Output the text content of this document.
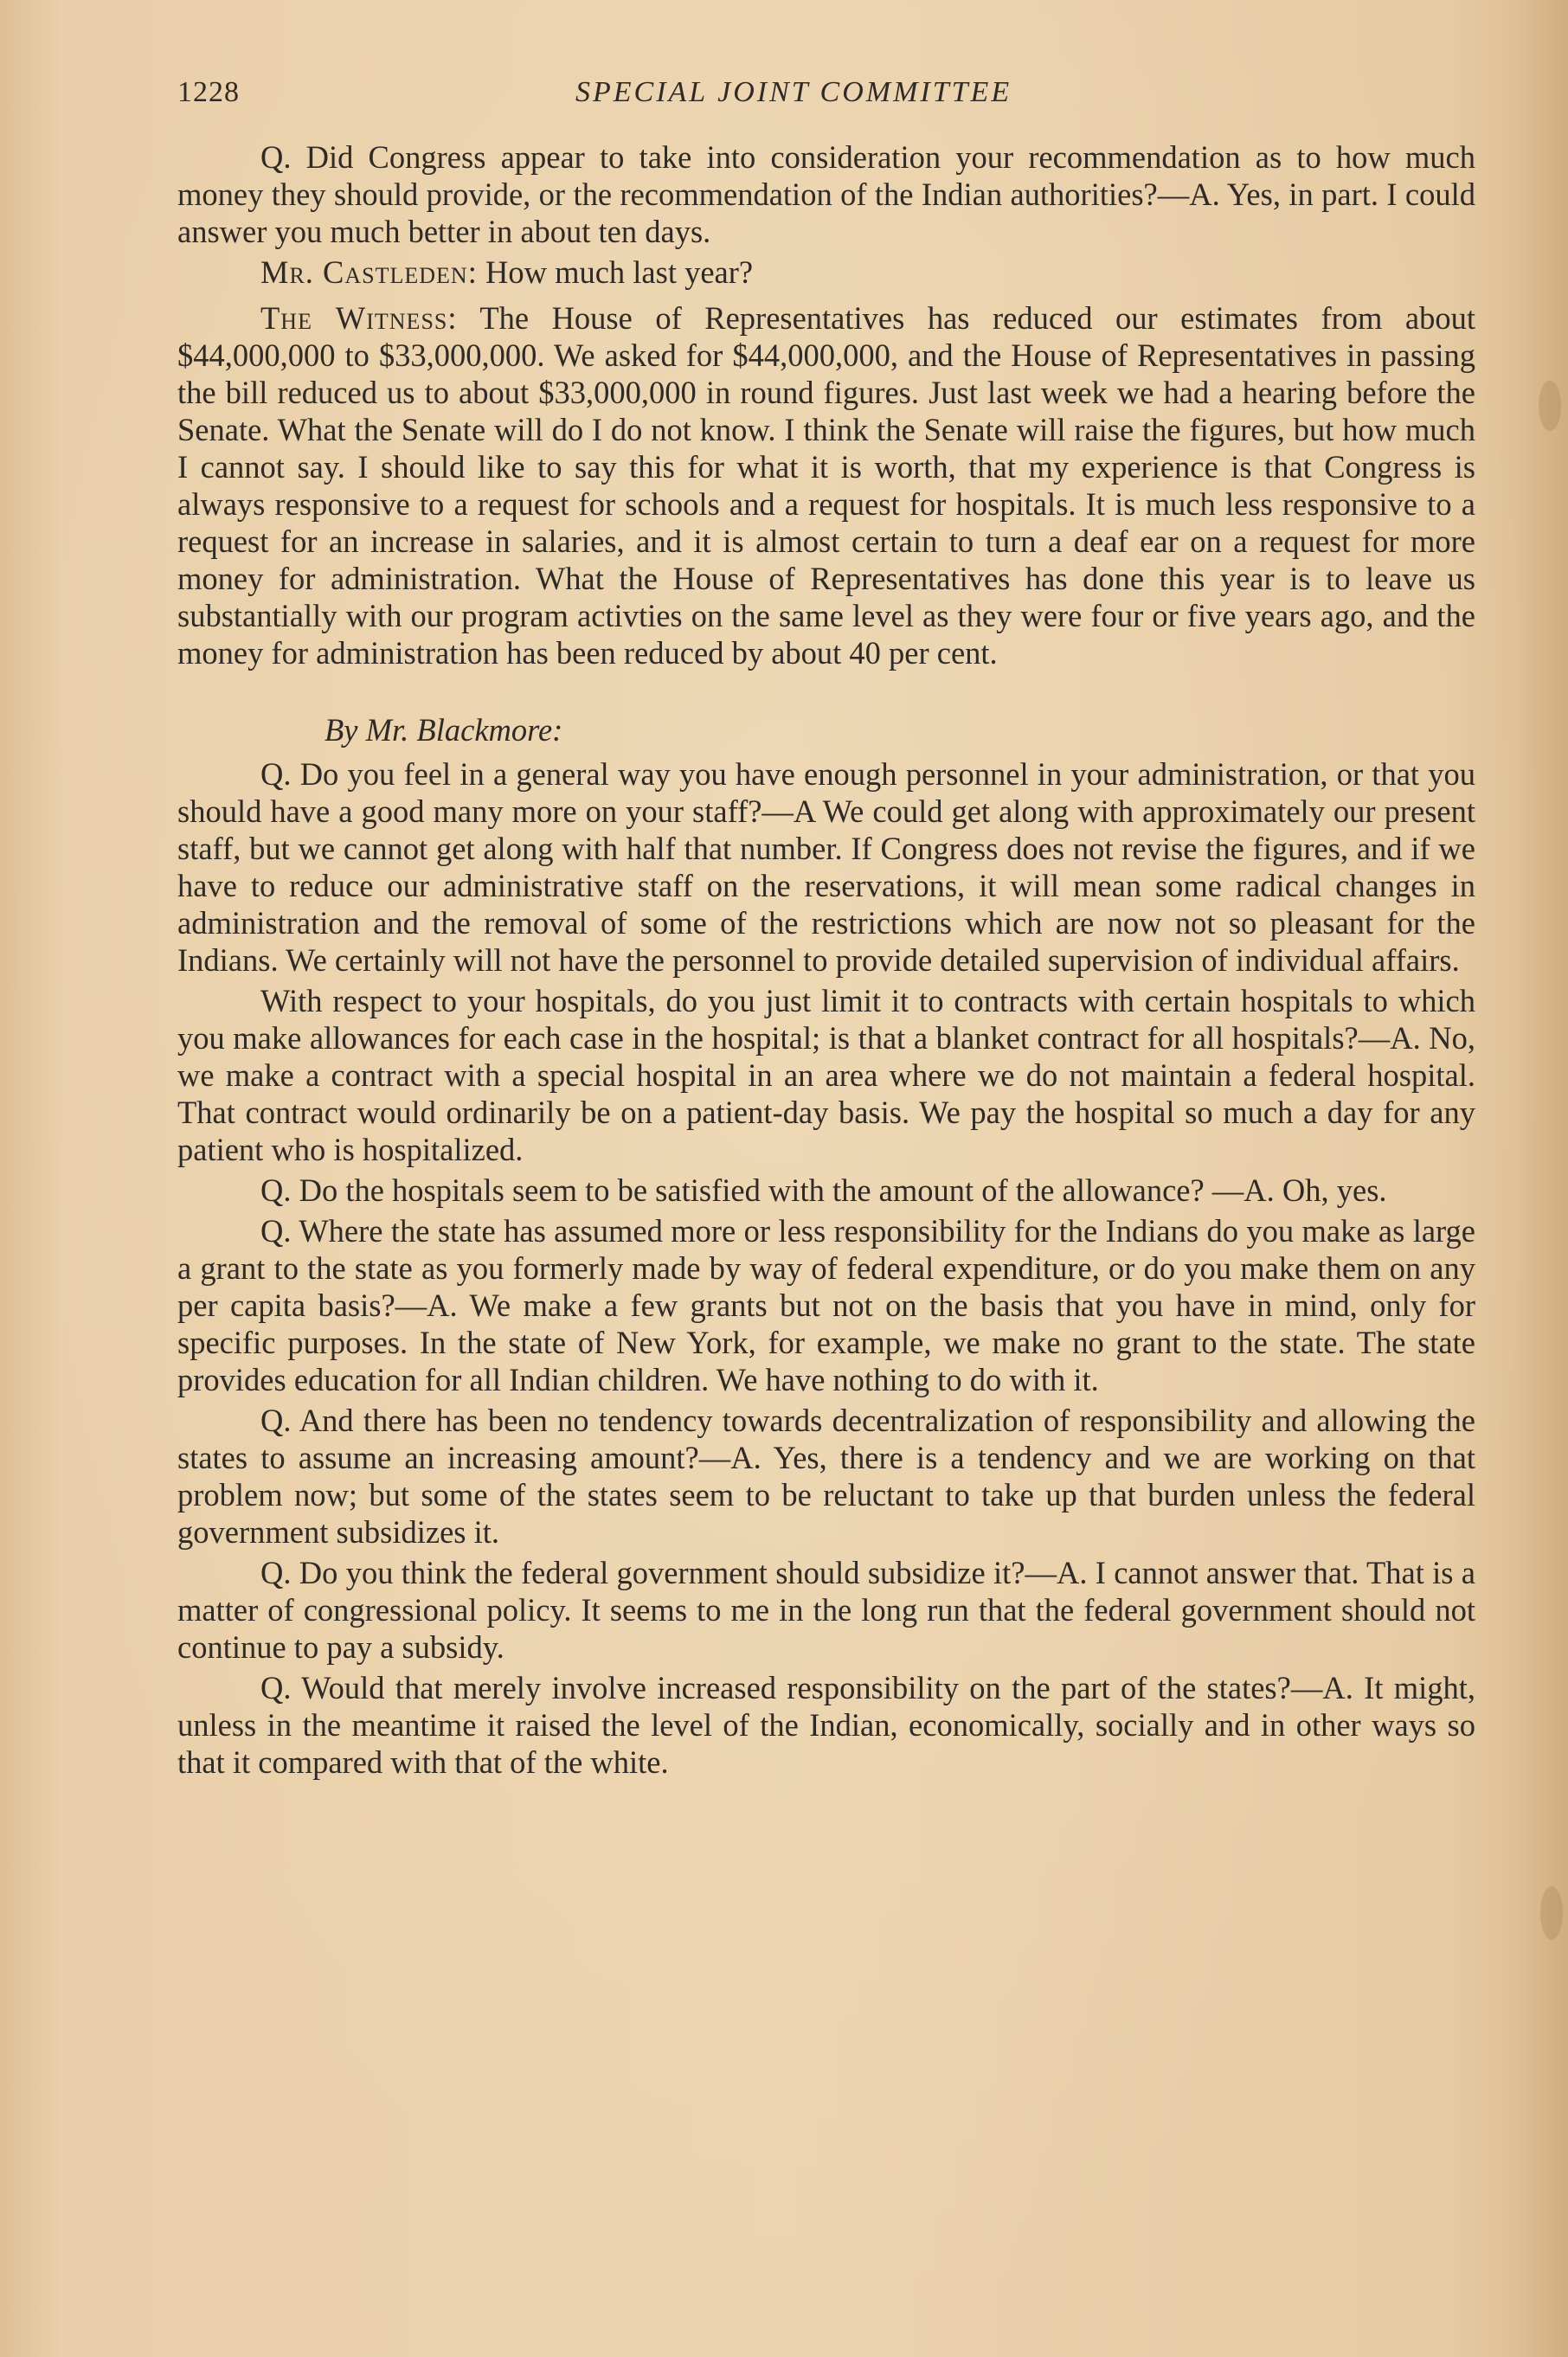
1228	SPECIAL JOINT COMMITTEE

Q. Did Congress appear to take into consideration your recommendation as to how much money they should provide, or the recommendation of the Indian authorities?—A. Yes, in part. I could answer you much better in about ten days.

Mr. Castleden: How much last year?

The Witness: The House of Representatives has reduced our estimates from about $44,000,000 to $33,000,000. We asked for $44,000,000, and the House of Representatives in passing the bill reduced us to about $33,000,000 in round figures. Just last week we had a hearing before the Senate. What the Senate will do I do not know. I think the Senate will raise the figures, but how much I cannot say. I should like to say this for what it is worth, that my experience is that Congress is always responsive to a request for schools and a request for hospitals. It is much less responsive to a request for an increase in salaries, and it is almost certain to turn a deaf ear on a request for more money for administration. What the House of Representatives has done this year is to leave us substantially with our program activties on the same level as they were four or five years ago, and the money for administration has been reduced by about 40 per cent.

By Mr. Blackmore:

Q. Do you feel in a general way you have enough personnel in your administration, or that you should have a good many more on your staff?—A We could get along with approximately our present staff, but we cannot get along with half that number. If Congress does not revise the figures, and if we have to reduce our administrative staff on the reservations, it will mean some radical changes in administration and the removal of some of the restrictions which are now not so pleasant for the Indians. We certainly will not have the personnel to provide detailed supervision of individual affairs.

With respect to your hospitals, do you just limit it to contracts with certain hospitals to which you make allowances for each case in the hospital; is that a blanket contract for all hospitals?—A. No, we make a contract with a special hospital in an area where we do not maintain a federal hospital. That contract would ordinarily be on a patient-day basis. We pay the hospital so much a day for any patient who is hospitalized.

Q. Do the hospitals seem to be satisfied with the amount of the allowance? —A. Oh, yes.

Q. Where the state has assumed more or less responsibility for the Indians do you make as large a grant to the state as you formerly made by way of federal expenditure, or do you make them on any per capita basis?—A. We make a few grants but not on the basis that you have in mind, only for specific purposes. In the state of New York, for example, we make no grant to the state. The state provides education for all Indian children. We have nothing to do with it.

Q. And there has been no tendency towards decentralization of responsibility and allowing the states to assume an increasing amount?—A. Yes, there is a tendency and we are working on that problem now; but some of the states seem to be reluctant to take up that burden unless the federal government subsidizes it.

Q. Do you think the federal government should subsidize it?—A. I cannot answer that. That is a matter of congressional policy. It seems to me in the long run that the federal government should not continue to pay a subsidy.

Q. Would that merely involve increased responsibility on the part of the states?—A. It might, unless in the meantime it raised the level of the Indian, economically, socially and in other ways so that it compared with that of the white.
